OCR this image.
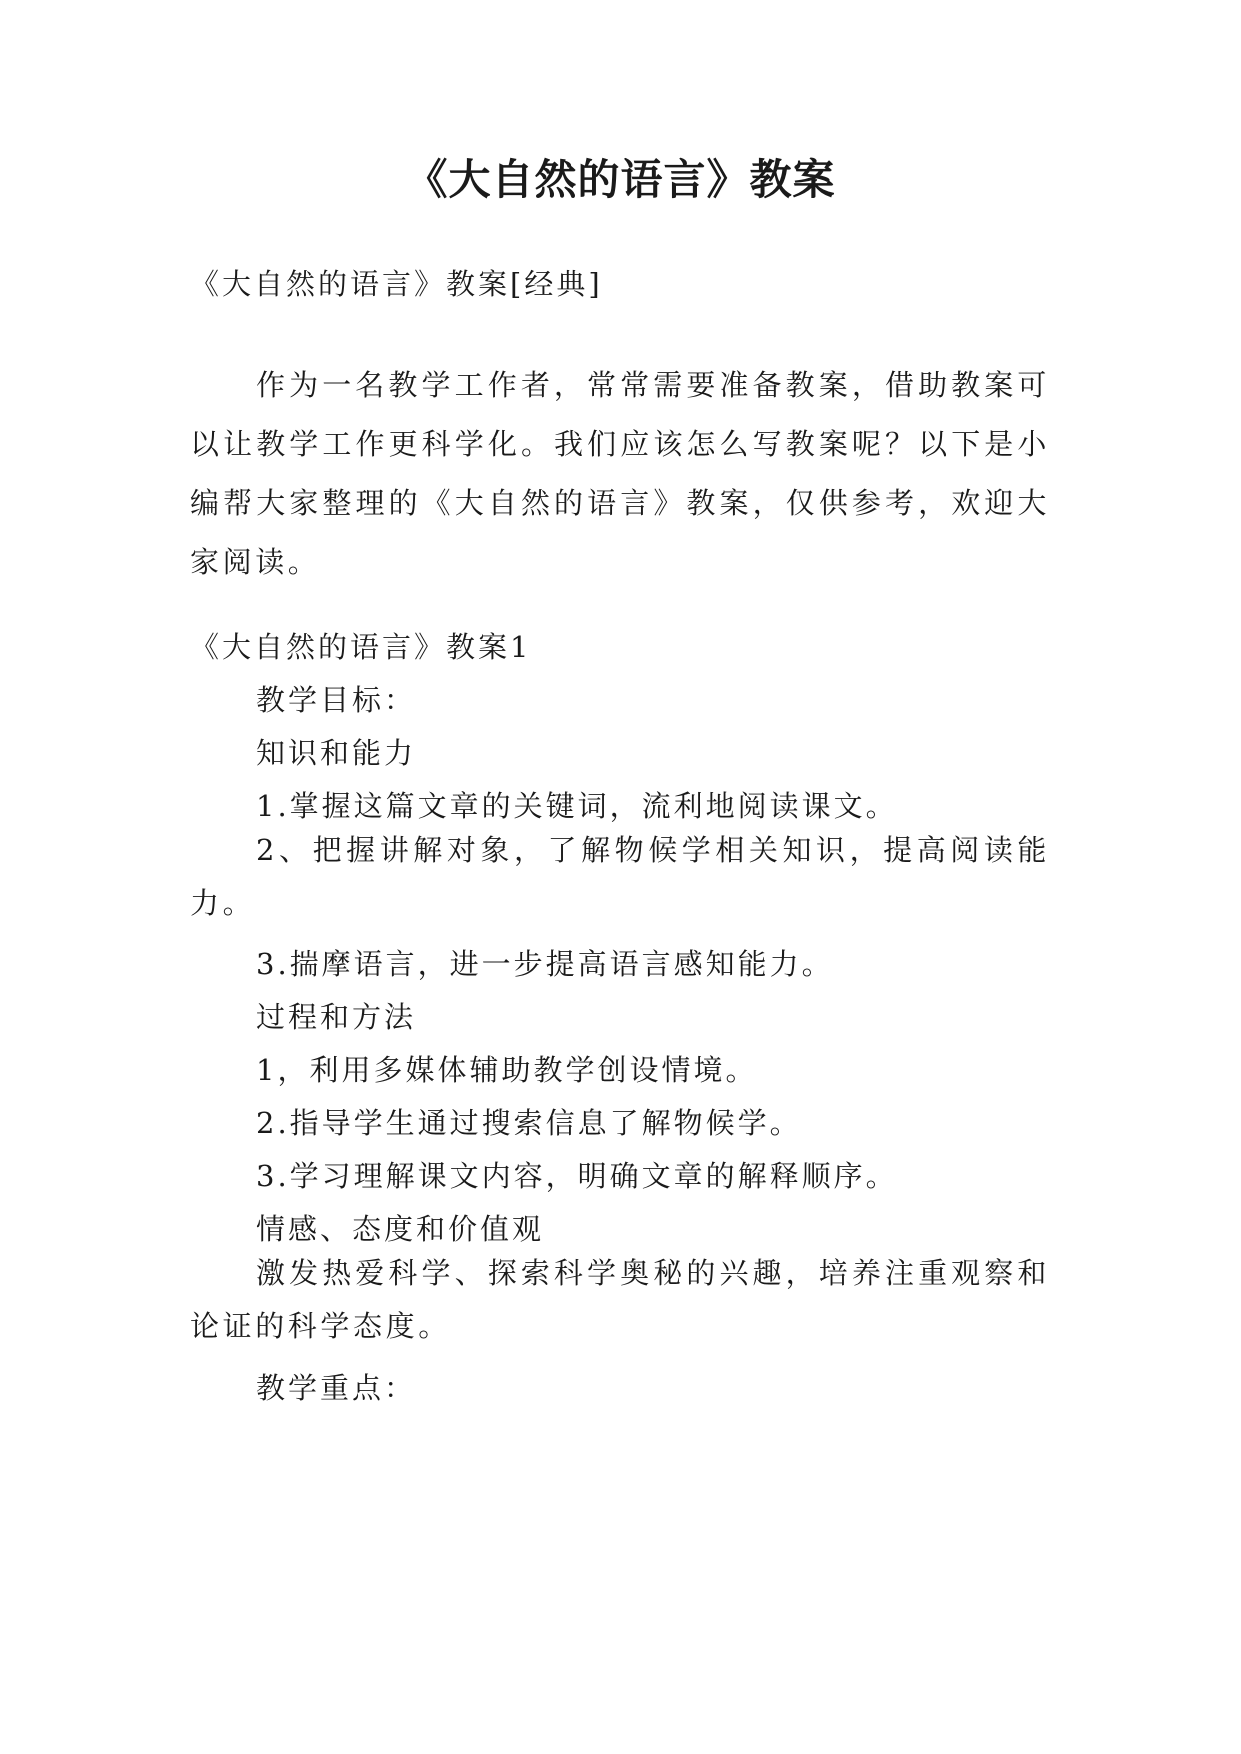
《大自然的语言》教案
《大自然的语言》教案[经典]

作为一名教学工作者，常常需要准备教案，借助教案可以让教学工作更科学化。我们应该怎么写教案呢？以下是小编帮大家整理的《大自然的语言》教案，仅供参考，欢迎大家阅读。

《大自然的语言》教案1
教学目标：
知识和能力
1.掌握这篇文章的关键词，流利地阅读课文。

2、把握讲解对象，了解物候学相关知识，提高阅读能力。

3.揣摩语言，进一步提高语言感知能力。
过程和方法
1，利用多媒体辅助教学创设情境。
2.指导学生通过搜索信息了解物候学。
3.学习理解课文内容，明确文章的解释顺序。
情感、态度和价值观

激发热爱科学、探索科学奥秘的兴趣，培养注重观察和论证的科学态度。

教学重点：
